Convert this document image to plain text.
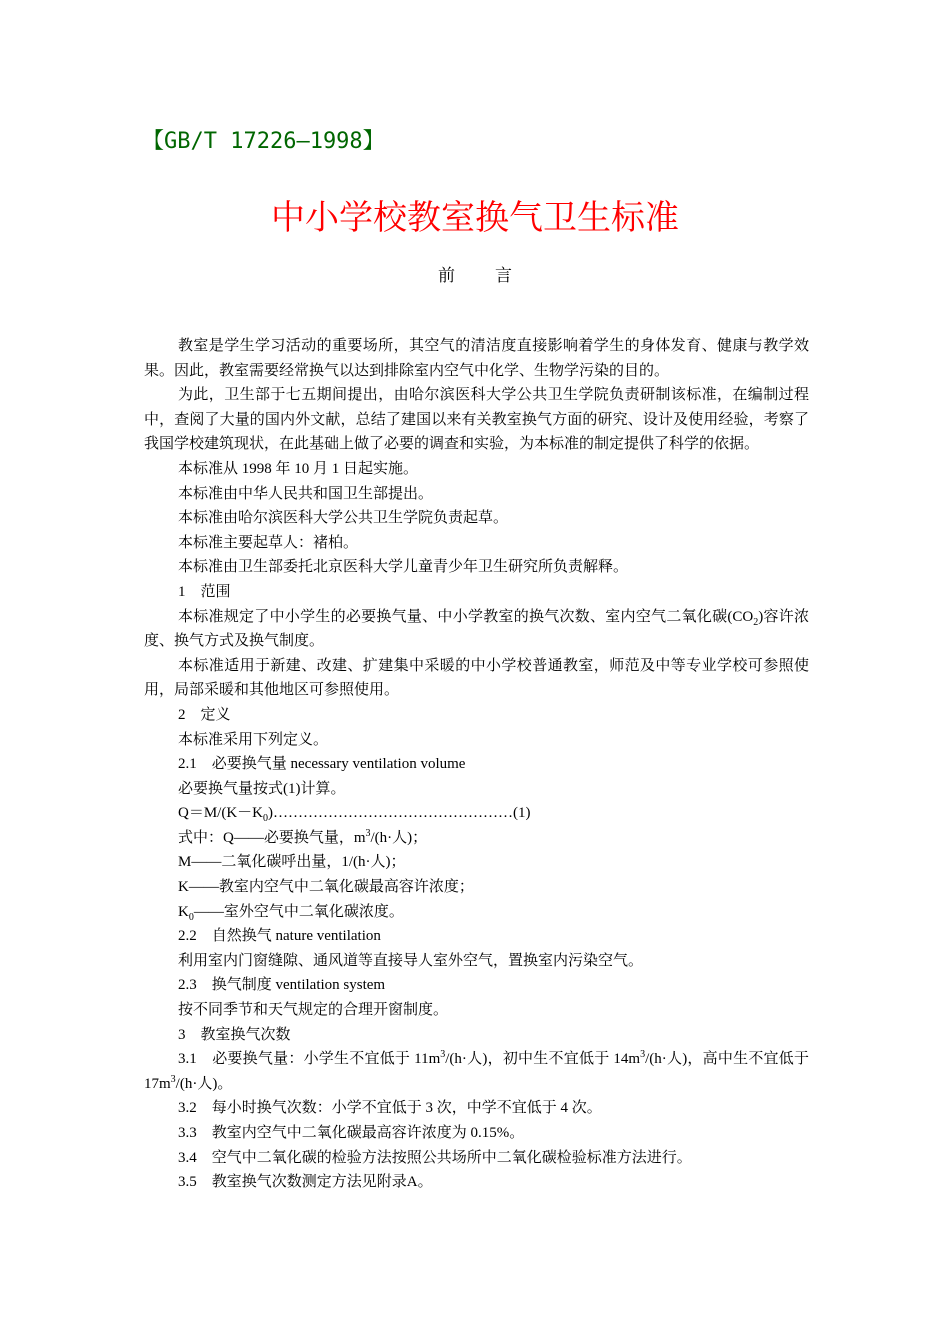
【GB/T 17226—1998】
中小学校教室换气卫生标准
前言

教室是学生学习活动的重要场所，其空气的清洁度直接影响着学生的身体发育、健康与教学效果。因此，教室需要经常换气以达到排除室内空气中化学、生物学污染的目的。

为此，卫生部于七五期间提出，由哈尔滨医科大学公共卫生学院负责研制该标准，在编制过程中，查阅了大量的国内外文献，总结了建国以来有关教室换气方面的研究、设计及使用经验，考察了我国学校建筑现状，在此基础上做了必要的调查和实验，为本标准的制定提供了科学的依据。

本标准从 1998 年 10 月 1 日起实施。

本标准由中华人民共和国卫生部提出。

本标准由哈尔滨医科大学公共卫生学院负责起草。

本标准主要起草人：褚柏。

本标准由卫生部委托北京医科大学儿童青少年卫生研究所负责解释。

1　范围

本标准规定了中小学生的必要换气量、中小学教室的换气次数、室内空气二氧化碳$(CO_2)$容许浓度、换气方式及换气制度。

本标准适用于新建、改建、扩建集中采暖的中小学校普通教室，师范及中等专业学校可参照使用，局部采暖和其他地区可参照使用。

2　定义

本标准采用下列定义。

2.1　必要换气量 necessary ventilation volume

必要换气量按式(1)计算。

$Q=M/(K-K_0)\dots\dots\dots\dots\dots\dots\dots\dots\dots\dots\dots\dots\dots\dots\dots\dots(1)$

式中：Q——必要换气量，$m^3/(h\cdot$人)；

M——二氧化碳呼出量，1/(h·人)；

K——教室内空气中二氧化碳最高容许浓度；

$K_0——$室外空气中二氧化碳浓度。

2.2　自然换气 nature ventilation

利用室内门窗缝隙、通风道等直接导人室外空气，置换室内污染空气。

2.3　换气制度 ventilation system

按不同季节和天气规定的合理开窗制度。

3　教室换气次数

3.1　必要换气量：小学生不宜低于 $11m^3/(h\cdot$人)，初中生不宜低于 $14m^3/(h\cdot$人)，高中生不宜低于 $17m^3/(h\cdot$人)。

3.2　每小时换气次数：小学不宜低于 3 次，中学不宜低于 4 次。

3.3　教室内空气中二氧化碳最高容许浓度为 0.15%。

3.4　空气中二氧化碳的检验方法按照公共场所中二氧化碳检验标准方法进行。

3.5　教室换气次数测定方法见附录A。
